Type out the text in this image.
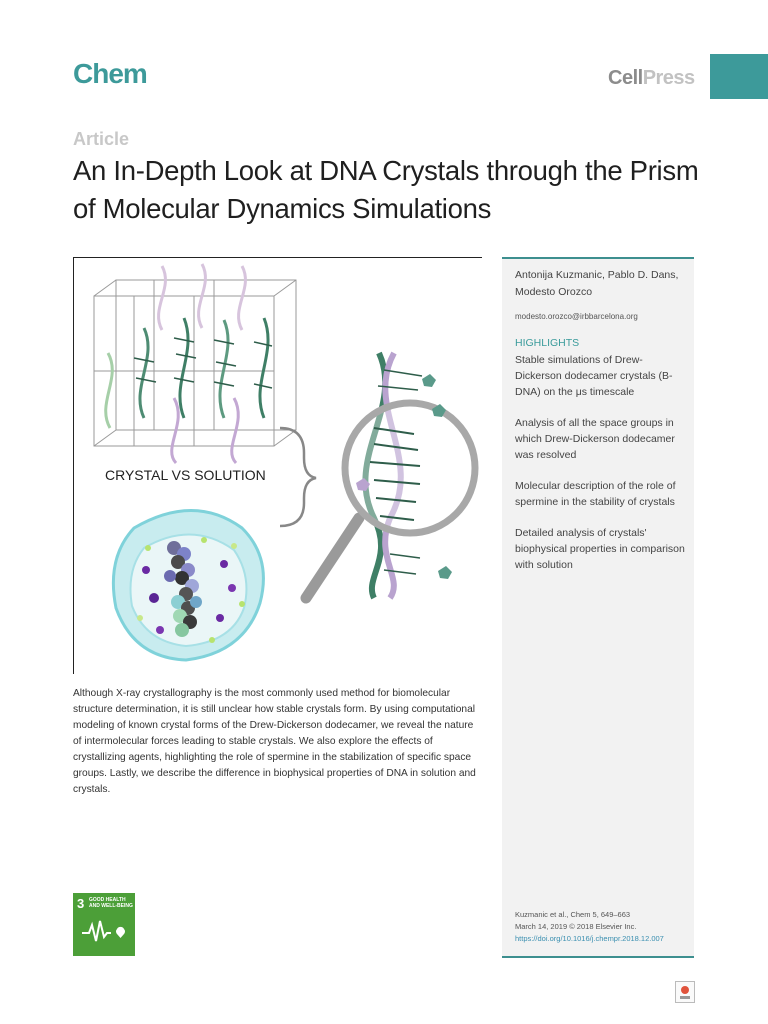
Chem	CellPress
Article
An In-Depth Look at DNA Crystals through the Prism of Molecular Dynamics Simulations
CRYSTAL VS SOLUTION

Although X-ray crystallography is the most commonly used method for biomolecular structure determination, it is still unclear how stable crystals form. By using computational modeling of known crystal forms of the Drew-Dickerson dodecamer, we reveal the nature of intermolecular forces leading to stable crystals. We also explore the effects of crystallizing agents, highlighting the role of spermine in the stabilization of specific space groups. Lastly, we describe the difference in biophysical properties of DNA in solution and crystals.

Antonija Kuzmanic, Pablo D. Dans, Modesto Orozco
modesto.orozco@irbbarcelona.org
HIGHLIGHTS
Stable simulations of Drew-Dickerson dodecamer crystals (B-DNA) on the μs timescale
Analysis of all the space groups in which Drew-Dickerson dodecamer was resolved
Molecular description of the role of spermine in the stability of crystals
Detailed analysis of crystals' biophysical properties in comparison with solution
Kuzmanic et al., Chem 5, 649–663
March 14, 2019 © 2018 Elsevier Inc.
https://doi.org/10.1016/j.chempr.2018.12.007
3 GOOD HEALTH AND WELL-BEING
